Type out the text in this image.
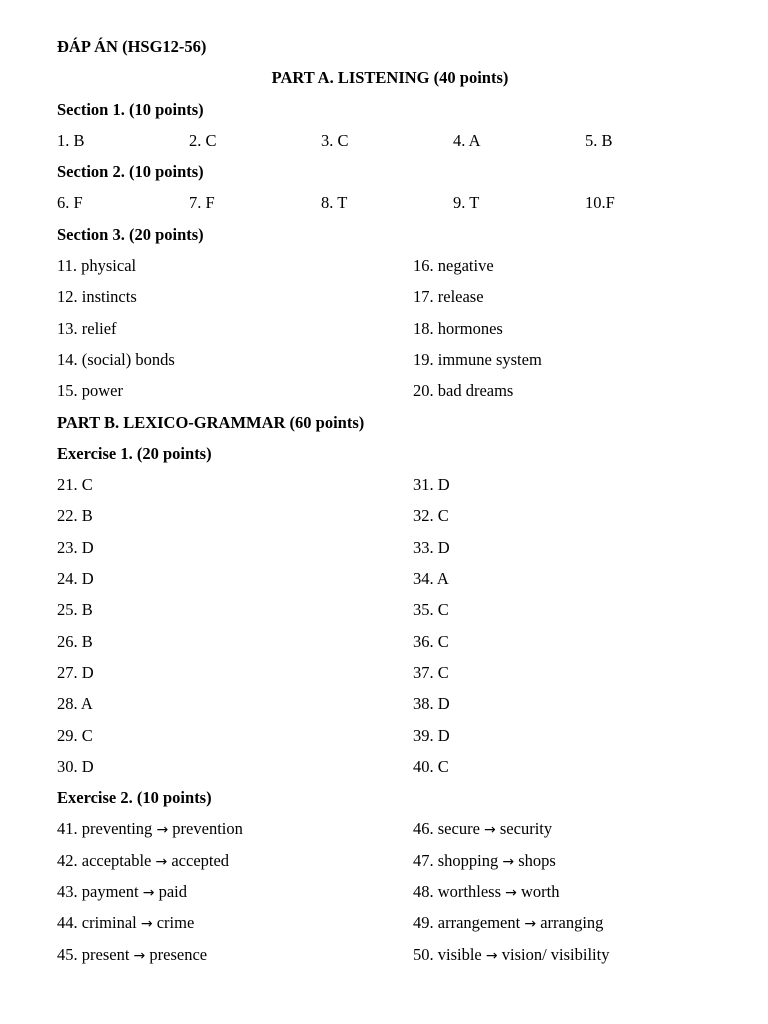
ĐÁP ÁN (HSG12-56)
PART A. LISTENING (40 points)
Section 1. (10 points)
1. B	2. C	3. C	4. A	5. B
Section 2. (10 points)
6. F	7. F	8. T	9. T	10.F
Section 3. (20 points)
11. physical	16. negative
12. instincts	17. release
13. relief	18. hormones
14. (social) bonds	19. immune system
15. power	20. bad dreams
PART B. LEXICO-GRAMMAR (60 points)
Exercise 1. (20 points)
21. C	31. D
22. B	32. C
23. D	33. D
24. D	34. A
25. B	35. C
26. B	36. C
27. D	37. C
28. A	38. D
29. C	39. D
30. D	40. C
Exercise 2. (10 points)
41. preventing → prevention	46. secure → security
42. acceptable → accepted	47. shopping → shops
43. payment → paid	48. worthless → worth
44. criminal → crime	49. arrangement → arranging
45. present → presence	50. visible → vision/ visibility
